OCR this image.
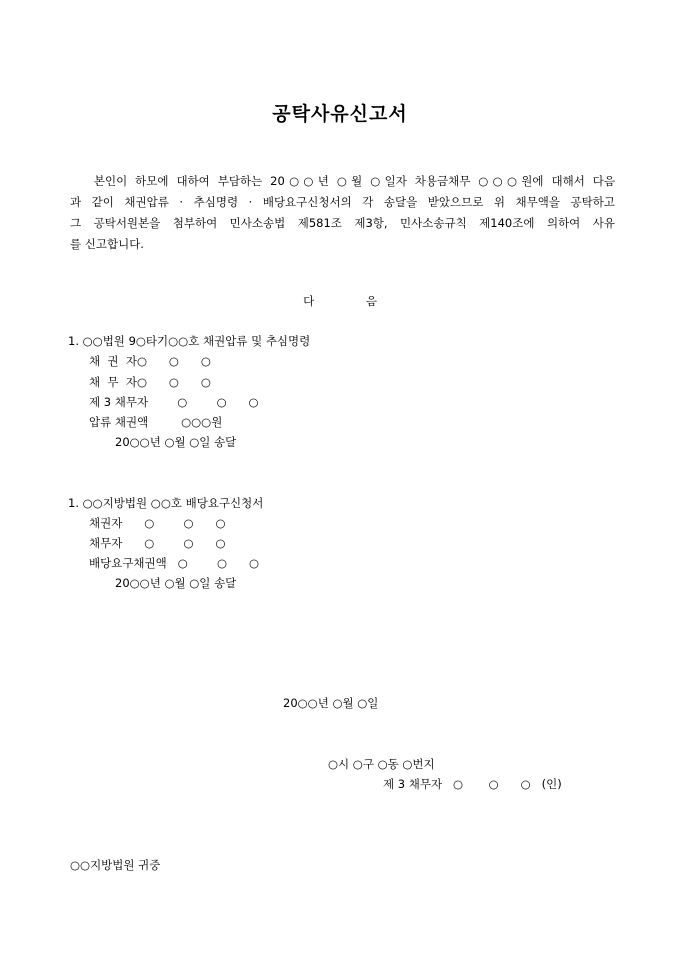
공탁사유신고서
본인이 하모에 대하여 부담하는 20○○년 ○월 ○일자 차용금채무 ○○○원에 대해서 다음
과 같이 채권압류 · 추심명령 · 배당요구신청서의 각 송달을 받았으므로 위 채무액을 공탁하고
그 공탁서원본을 첨부하여 민사소송법 제581조 제3항, 민사소송규칙 제140조에 의하여 사유
를 신고합니다.
다 음
1. ○○법원 9○타기○○호 채권압류 및 추심명령
채  권  자○      ○      ○
채  무  자○      ○      ○
제 3 채무자        ○        ○      ○
압류 채권액         ○○○원
20○○년 ○월 ○일 송달
1. ○○지방법원 ○○호 배당요구신청서
채권자      ○        ○      ○
채무자      ○        ○      ○
배당요구채권액   ○        ○      ○
20○○년 ○월 ○일 송달
20○○년 ○월 ○일
○시 ○구 ○동 ○번지
제 3 채무자   ○       ○      ○   (인)
○○지방법원 귀중
